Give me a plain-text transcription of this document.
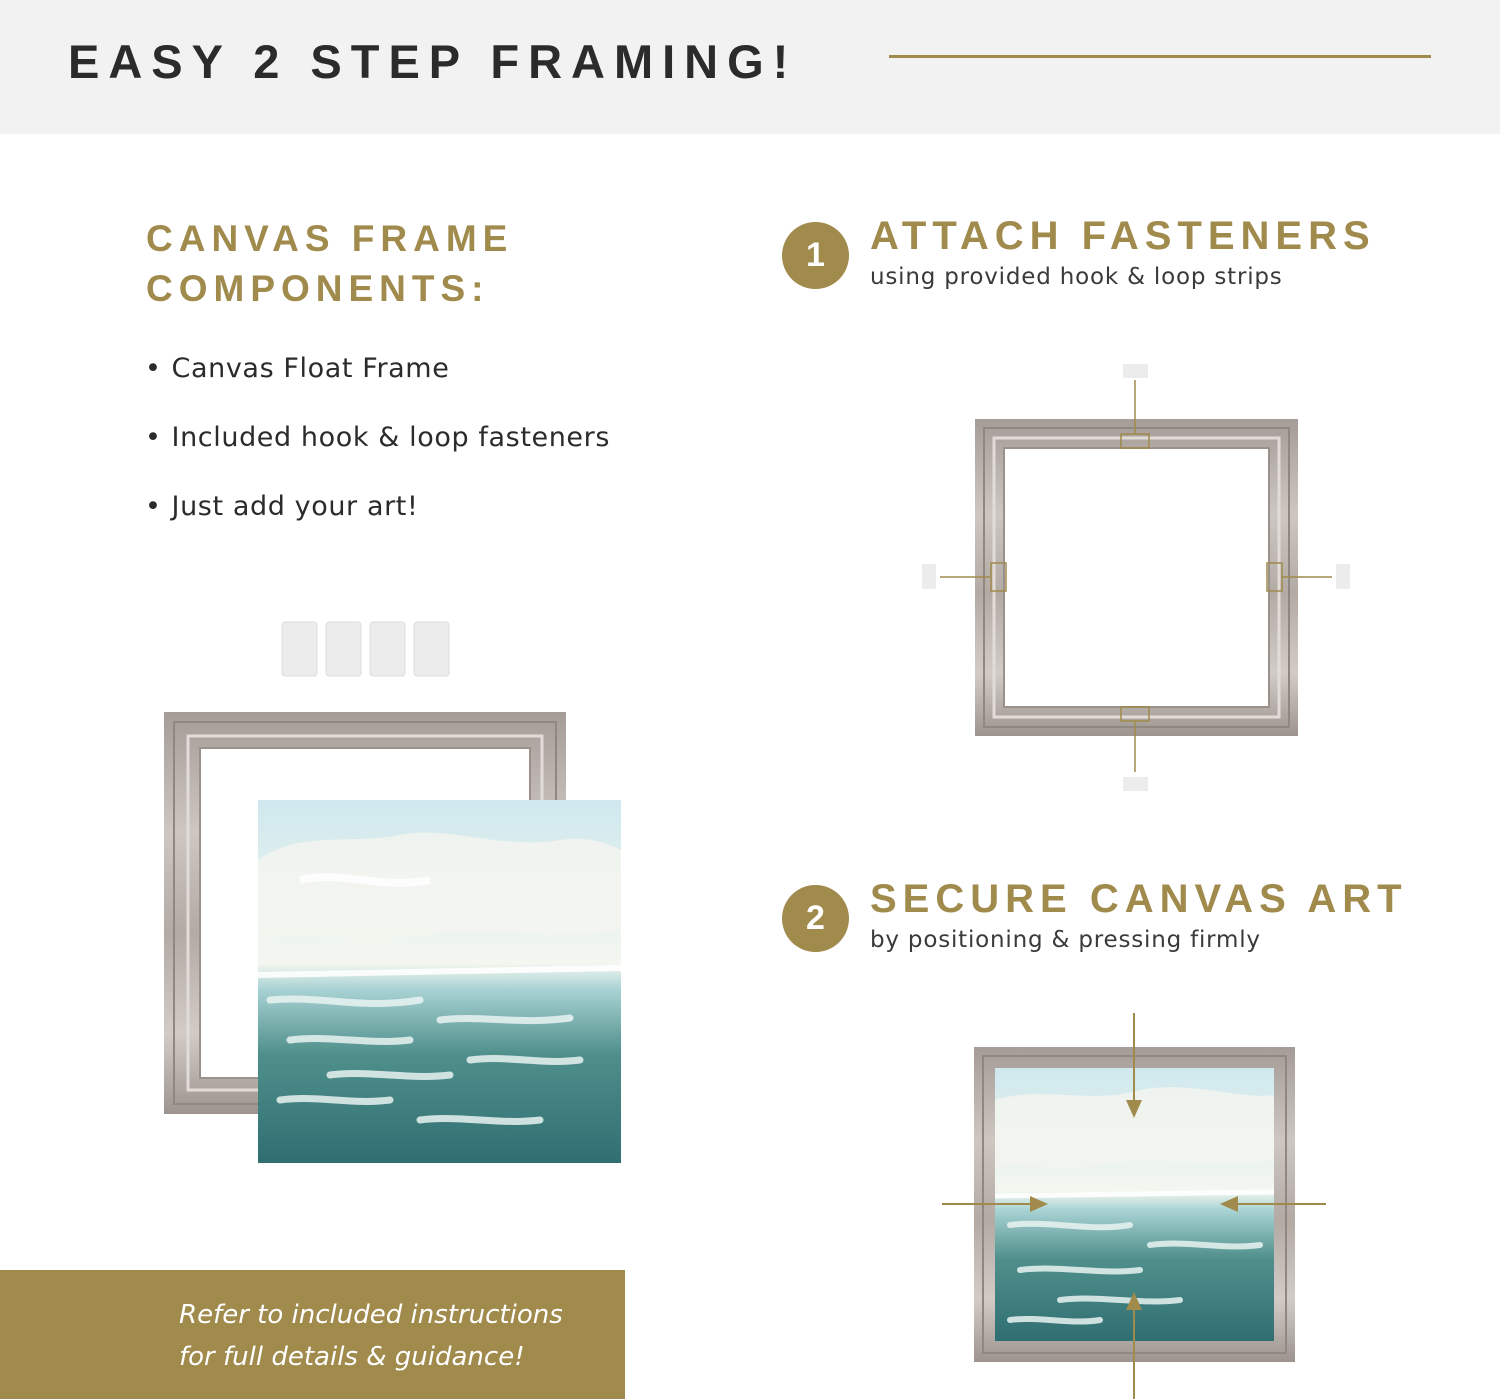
EASY 2 STEP FRAMING!
CANVAS FRAME
COMPONENTS:
• Canvas Float Frame
• Included hook & loop fasteners
• Just add your art!
1	ATTACH FASTENERS
using provided hook & loop strips
2	SECURE CANVAS ART
by positioning & pressing firmly
Refer to included instructions
for full details & guidance!
